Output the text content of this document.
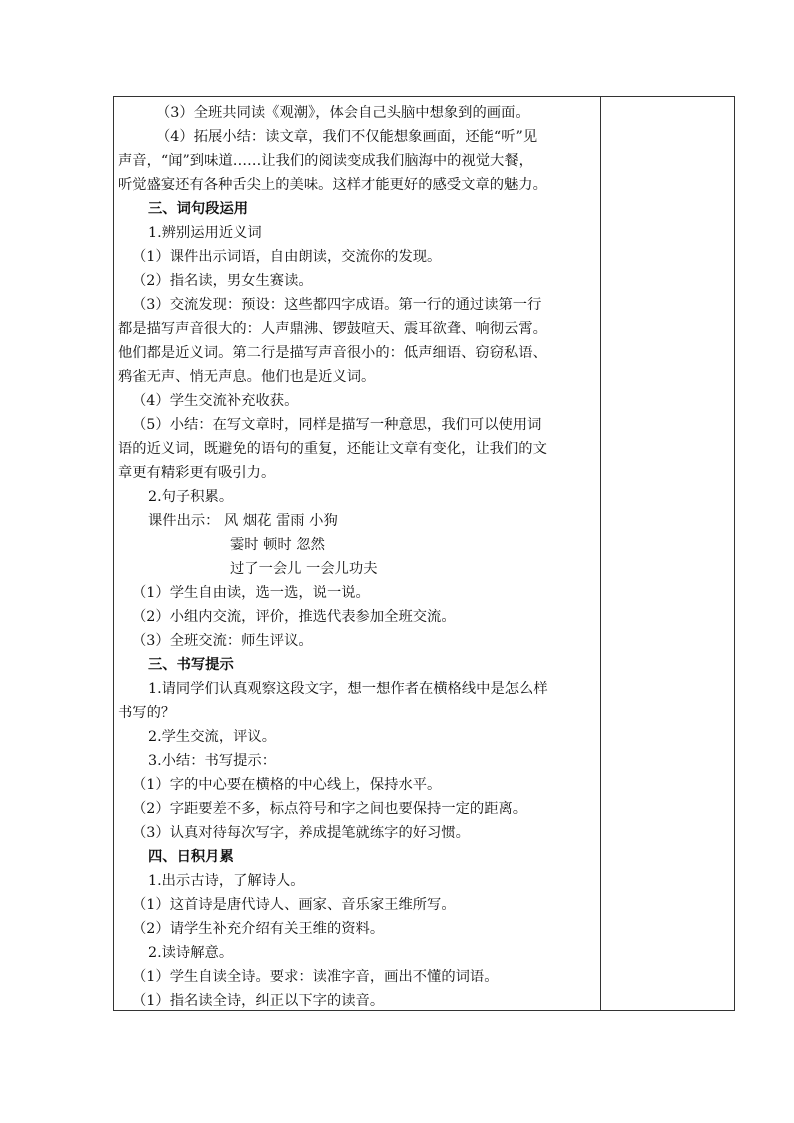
（3）全班共同读《观潮》，体会自己头脑中想象到的画面。
（4）拓展小结：读文章，我们不仅能想象画面，还能“听”见
声音，“闻”到味道……让我们的阅读变成我们脑海中的视觉大餐，
听觉盛宴还有各种舌尖上的美味。这样才能更好的感受文章的魅力。
三、词句段运用
1.辨别运用近义词
（1）课件出示词语，自由朗读，交流你的发现。
（2）指名读，男女生赛读。
（3）交流发现：预设：这些都四字成语。第一行的通过读第一行
都是描写声音很大的：人声鼎沸、锣鼓喧天、震耳欲聋、响彻云霄。
他们都是近义词。第二行是描写声音很小的：低声细语、窃窃私语、
鸦雀无声、悄无声息。他们也是近义词。
（4）学生交流补充收获。
（5）小结：在写文章时，同样是描写一种意思，我们可以使用词
语的近义词，既避免的语句的重复，还能让文章有变化，让我们的文
章更有精彩更有吸引力。
2.句子积累。
课件出示： 风 烟花 雷雨 小狗
霎时 顿时 忽然
过了一会儿 一会儿功夫
（1）学生自由读，选一选，说一说。
（2）小组内交流，评价，推选代表参加全班交流。
（3）全班交流：师生评议。
三、书写提示
1.请同学们认真观察这段文字，想一想作者在横格线中是怎么样
书写的？
2.学生交流，评议。
3.小结：书写提示：
（1）字的中心要在横格的中心线上，保持水平。
（2）字距要差不多，标点符号和字之间也要保持一定的距离。
（3）认真对待每次写字，养成提笔就练字的好习惯。
四、日积月累
1.出示古诗，了解诗人。
（1）这首诗是唐代诗人、画家、音乐家王维所写。
（2）请学生补充介绍有关王维的资料。
2.读诗解意。
（1）学生自读全诗。要求：读准字音，画出不懂的词语。
（1）指名读全诗，纠正以下字的读音。
